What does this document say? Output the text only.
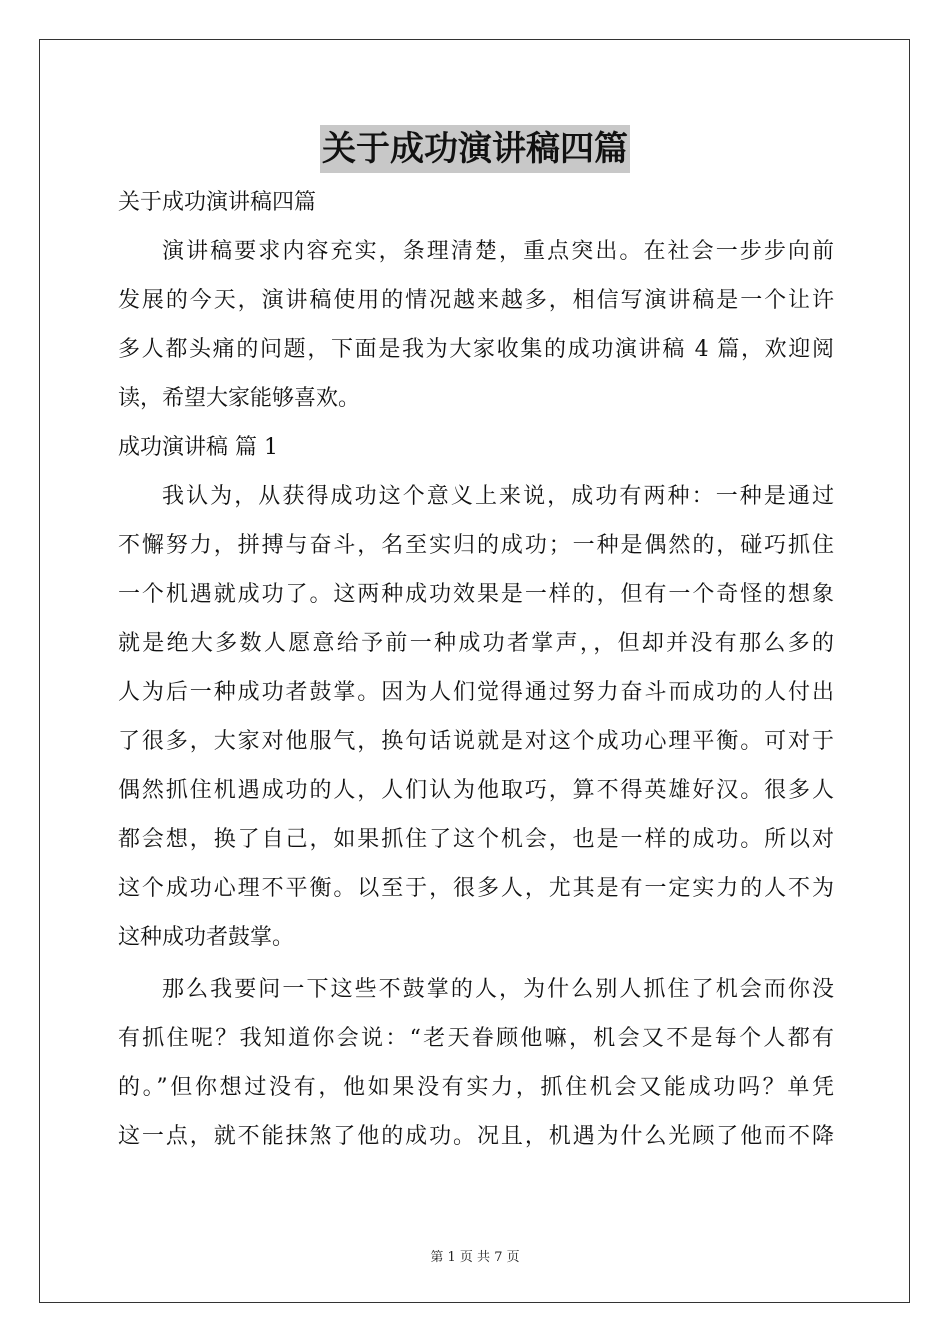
关于成功演讲稿四篇
关于成功演讲稿四篇
演讲稿要求内容充实，条理清楚，重点突出。在社会一步步向前
发展的今天，演讲稿使用的情况越来越多，相信写演讲稿是一个让许
多人都头痛的问题，下面是我为大家收集的成功演讲稿 4 篇，欢迎阅
读，希望大家能够喜欢。
成功演讲稿 篇 1
我认为，从获得成功这个意义上来说，成功有两种：一种是通过
不懈努力，拼搏与奋斗，名至实归的成功；一种是偶然的，碰巧抓住
一个机遇就成功了。这两种成功效果是一样的，但有一个奇怪的想象
就是绝大多数人愿意给予前一种成功者掌声，，但却并没有那么多的
人为后一种成功者鼓掌。因为人们觉得通过努力奋斗而成功的人付出
了很多，大家对他服气，换句话说就是对这个成功心理平衡。可对于
偶然抓住机遇成功的人，人们认为他取巧，算不得英雄好汉。很多人
都会想，换了自己，如果抓住了这个机会，也是一样的成功。所以对
这个成功心理不平衡。以至于，很多人，尤其是有一定实力的人不为
这种成功者鼓掌。
那么我要问一下这些不鼓掌的人，为什么别人抓住了机会而你没
有抓住呢？我知道你会说：“老天眷顾他嘛，机会又不是每个人都有
的。”但你想过没有，他如果没有实力，抓住机会又能成功吗？单凭
这一点，就不能抹煞了他的成功。况且，机遇为什么光顾了他而不降
第 1 页 共 7 页
